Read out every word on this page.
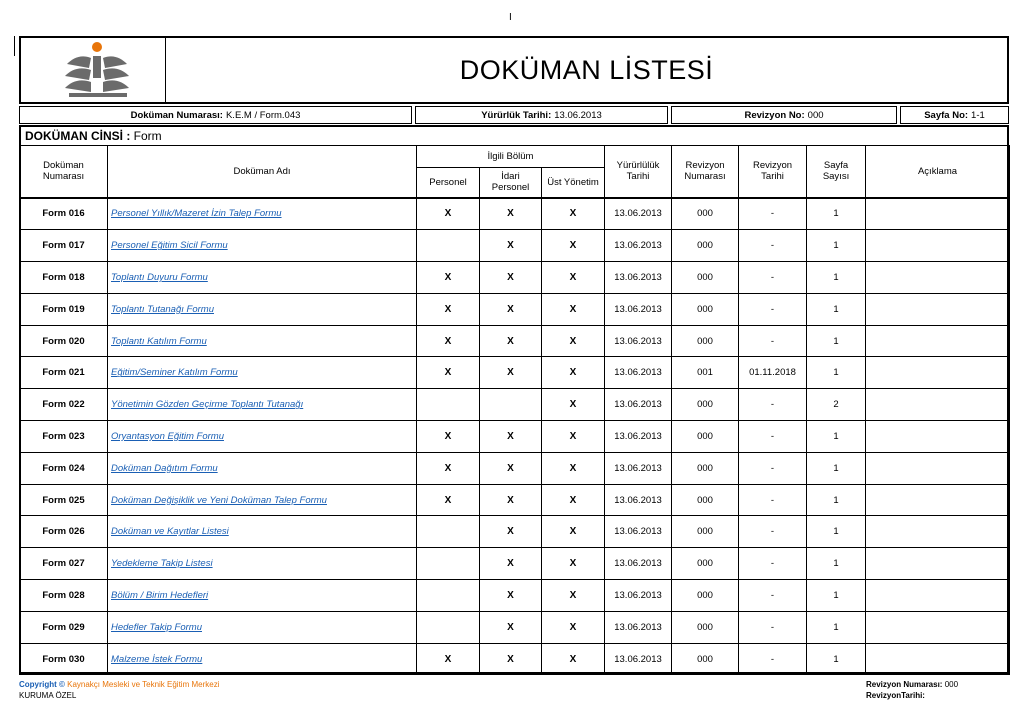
I
DOKÜMAN LİSTESİ
Doküman Numarası: K.E.M / Form.043	Yürürlük Tarihi: 13.06.2013	Revizyon No: 000	Sayfa No: 1-1
DOKÜMAN CİNSİ : Form
Doküman Numarası	Doküman Adı	İlgili Bölüm			Yürürlülük Tarihi	Revizyon Numarası	Revizyon Tarihi	Sayfa Sayısı	Açıklama
		Personel	İdari Personel	Üst Yönetim					
Form 016	Personel Yıllık/Mazeret İzin Talep Formu	X	X	X	13.06.2013	000	-	1	
Form 017	Personel Eğitim Sicil Formu		X	X	13.06.2013	000	-	1	
Form 018	Toplantı Duyuru Formu	X	X	X	13.06.2013	000	-	1	
Form 019	Toplantı Tutanağı Formu	X	X	X	13.06.2013	000	-	1	
Form 020	Toplantı Katılım Formu	X	X	X	13.06.2013	000	-	1	
Form 021	Eğitim/Seminer Katılım Formu	X	X	X	13.06.2013	001	01.11.2018	1	
Form 022	Yönetimin Gözden Geçirme Toplantı Tutanağı			X	13.06.2013	000	-	2	
Form 023	Oryantasyon Eğitim Formu	X	X	X	13.06.2013	000	-	1	
Form 024	Doküman Dağıtım Formu	X	X	X	13.06.2013	000	-	1	
Form 025	Doküman Değişiklik ve Yeni Doküman Talep Formu	X	X	X	13.06.2013	000	-	1	
Form 026	Doküman ve Kayıtlar Listesi		X	X	13.06.2013	000	-	1	
Form 027	Yedekleme Takip Listesi		X	X	13.06.2013	000	-	1	
Form 028	Bölüm / Birim Hedefleri		X	X	13.06.2013	000	-	1	
Form 029	Hedefler Takip Formu		X	X	13.06.2013	000	-	1	
Form 030	Malzeme İstek Formu	X	X	X	13.06.2013	000	-	1	
Copyright © Kaynakçı Mesleki ve Teknik Eğitim Merkezi
KURUMA ÖZEL
Revizyon Numarası: 000
RevizyonTarihi:
